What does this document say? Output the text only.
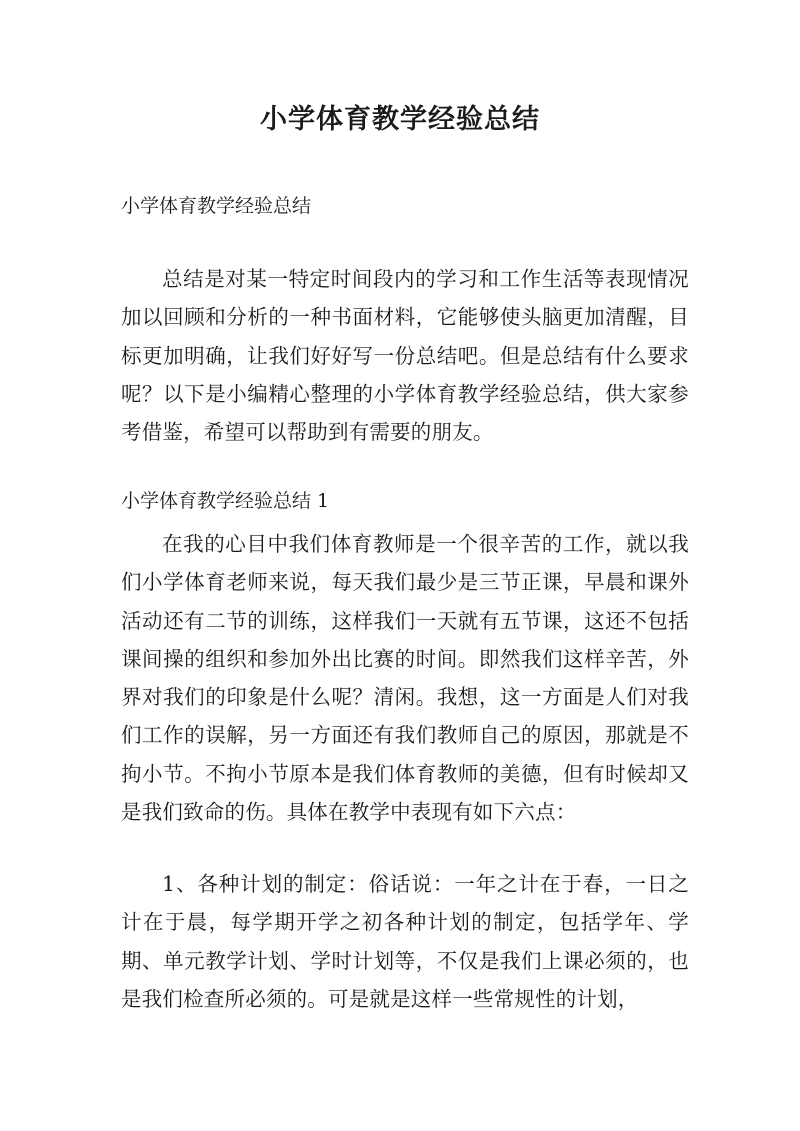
小学体育教学经验总结

小学体育教学经验总结

总结是对某一特定时间段内的学习和工作生活等表现情况加以回顾和分析的一种书面材料，它能够使头脑更加清醒，目标更加明确，让我们好好写一份总结吧。但是总结有什么要求呢？以下是小编精心整理的小学体育教学经验总结，供大家参考借鉴，希望可以帮助到有需要的朋友。

小学体育教学经验总结 1

在我的心目中我们体育教师是一个很辛苦的工作，就以我们小学体育老师来说，每天我们最少是三节正课，早晨和课外活动还有二节的训练，这样我们一天就有五节课，这还不包括课间操的组织和参加外出比赛的时间。即然我们这样辛苦，外界对我们的印象是什么呢？清闲。我想，这一方面是人们对我们工作的误解，另一方面还有我们教师自己的原因，那就是不拘小节。不拘小节原本是我们体育教师的美德，但有时候却又是我们致命的伤。具体在教学中表现有如下六点：

1、各种计划的制定：俗话说：一年之计在于春，一日之计在于晨，每学期开学之初各种计划的制定，包括学年、学期、单元教学计划、学时计划等，不仅是我们上课必须的，也是我们检查所必须的。可是就是这样一些常规性的计划，
